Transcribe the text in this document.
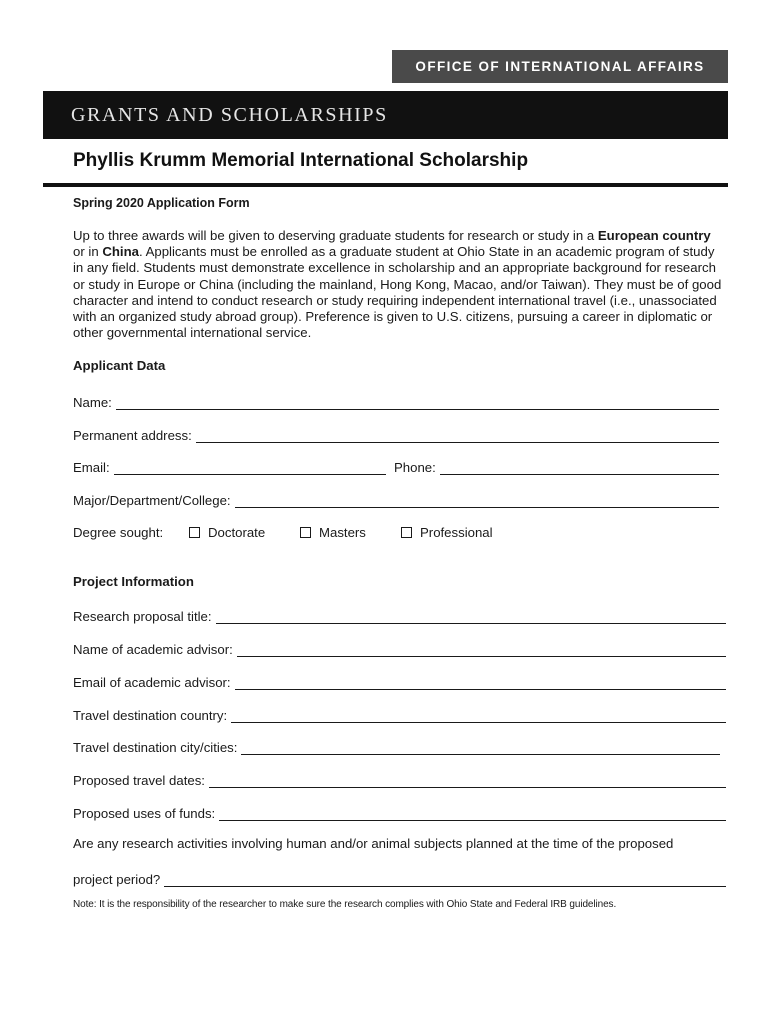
OFFICE OF INTERNATIONAL AFFAIRS
GRANTS AND SCHOLARSHIPS
Phyllis Krumm Memorial International Scholarship
Spring 2020 Application Form
Up to three awards will be given to deserving graduate students for research or study in a European country or in China. Applicants must be enrolled as a graduate student at Ohio State in an academic program of study in any field. Students must demonstrate excellence in scholarship and an appropriate background for research or study in Europe or China (including the mainland, Hong Kong, Macao, and/or Taiwan). They must be of good character and intend to conduct research or study requiring independent international travel (i.e., unassociated with an organized study abroad group). Preference is given to U.S. citizens, pursuing a career in diplomatic or other governmental international service.
Applicant Data
Name:
Permanent address:
Email:	Phone:
Major/Department/College:
Degree sought:	Doctorate	Masters	Professional
Project Information
Research proposal title:
Name of academic advisor:
Email of academic advisor:
Travel destination country:
Travel destination city/cities:
Proposed travel dates:
Proposed uses of funds:
Are any research activities involving human and/or animal subjects planned at the time of the proposed
project period?
Note: It is the responsibility of the researcher to make sure the research complies with Ohio State and Federal IRB guidelines.
